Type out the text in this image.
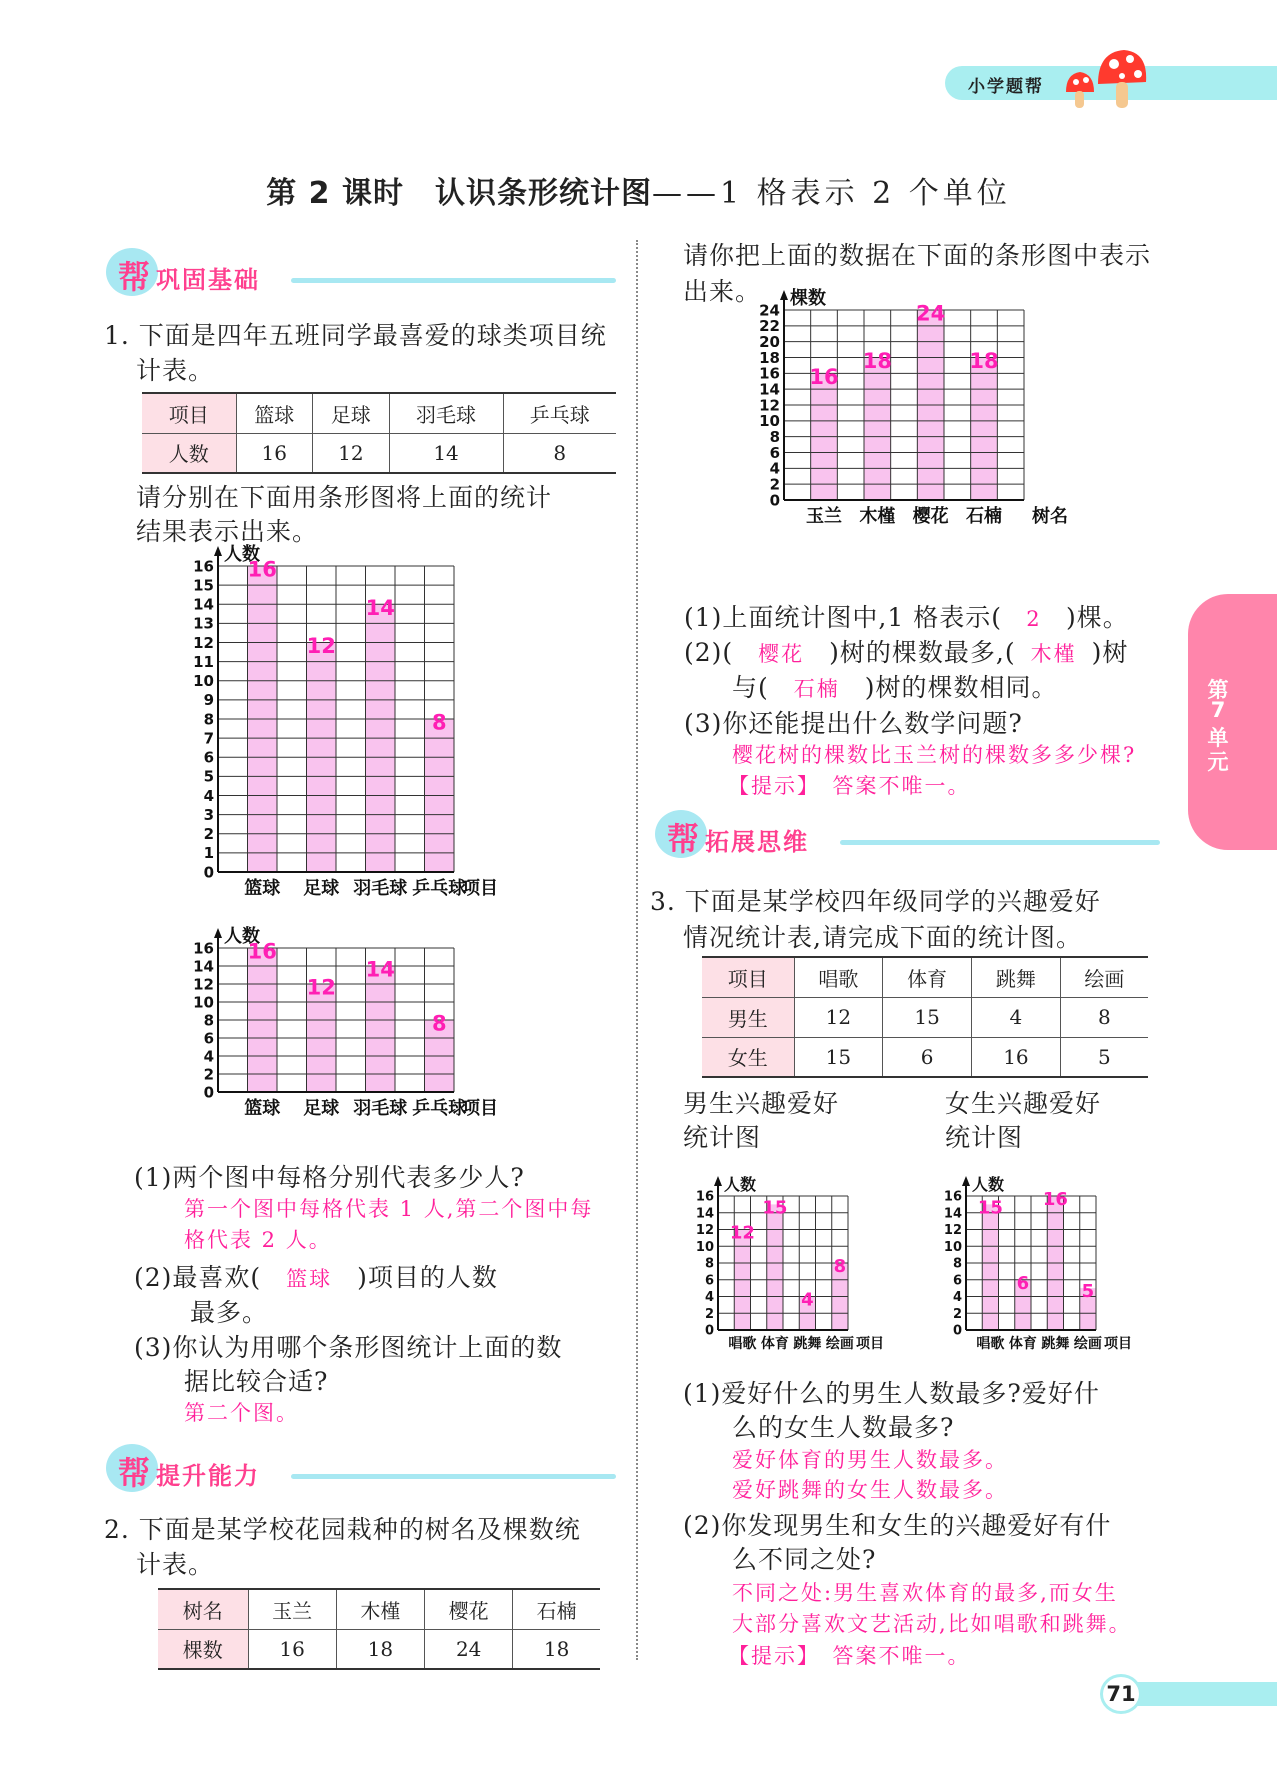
小学题帮
第 2 课时　认识条形统计图——1 格表示 2 个单位
帮 巩固基础
1. 下面是四年五班同学最喜爱的球类项目统
计表。
项目	篮球	足球	羽毛球	乒乓球
人数	16	12	14	8
请分别在下面用条形图将上面的统计
结果表示出来。
人数
0
1
2
3
4
5
6
7
8
9
10
11
12
13
14
15
16 16
12
14
8
篮球 足球 羽毛球 乒乓球
项目
人数
0
2
4
6
8
10
12
14
16 16
12
14
8
篮球 足球 羽毛球 乒乓球
项目
(1)两个图中每格分别代表多少人?
第一个图中每格代表 1 人,第二个图中每
格代表 2 人。
(2)最喜欢( 篮球 )项目的人数
最多。
(3)你认为用哪个条形图统计上面的数
据比较合适?
第二个图。
帮 提升能力
2. 下面是某学校花园栽种的树名及棵数统
计表。
树名	玉兰	木槿	樱花	石楠
棵数	16	18	24	18
请你把上面的数据在下面的条形图中表示
出来。 棵数
0
2
4
6
8
10
12
14
16
18
20
22
24
16
18
24
18
玉兰 木槿 樱花 石楠 树名
(1)上面统计图中,1 格表示( 2 )棵。
(2)( 樱花 )树的棵数最多,( 木槿 )树
与( 石楠 )树的棵数相同。
(3)你还能提出什么数学问题?
樱花树的棵数比玉兰树的棵数多多少棵?
【提示】　答案不唯一。
帮 拓展思维
3. 下面是某学校四年级同学的兴趣爱好
情况统计表,请完成下面的统计图。
项目	唱歌	体育	跳舞	绘画
男生	12	15	4	8
女生	15	6	16	5
男生兴趣爱好
统计图
女生兴趣爱好
统计图
人数
0
2
4
6
8
10
12
14
16
12
15
4
8
唱歌 体育 跳舞 绘画 项目
人数
0
2
4
6
8
10
12
14
16
15
6
16
5
唱歌 体育 跳舞 绘画 项目
(1)爱好什么的男生人数最多?爱好什
么的女生人数最多?
爱好体育的男生人数最多。
爱好跳舞的女生人数最多。
(2)你发现男生和女生的兴趣爱好有什
么不同之处?
不同之处:男生喜欢体育的最多,而女生
大部分喜欢文艺活动,比如唱歌和跳舞。
【提示】　答案不唯一。
第
7
单
元
71
